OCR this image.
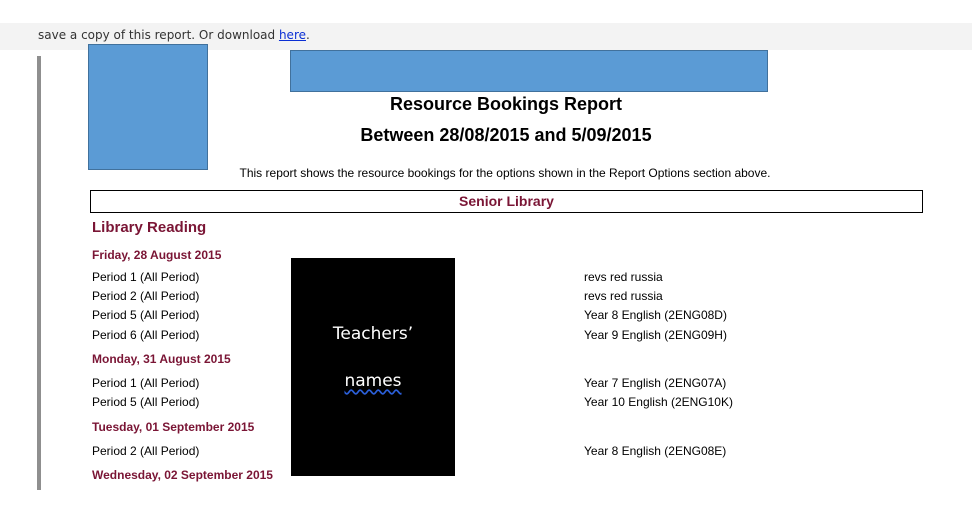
save a copy of this report. Or download here.
Resource Bookings Report
Between 28/08/2015 and 5/09/2015
This report shows the resource bookings for the options shown in the Report Options section above.
Senior Library
Library Reading
Friday, 28 August 2015
Period 1 (All Period)	revs red russia
Period 2 (All Period)	revs red russia
Period 5 (All Period)	Year 8 English (2ENG08D)
Period 6 (All Period)	Year 9 English (2ENG09H)
Monday, 31 August 2015
Period 1 (All Period)	Year 7 English (2ENG07A)
Period 5 (All Period)	Year 10 English (2ENG10K)
Tuesday, 01 September 2015
Period 2 (All Period)	Year 8 English (2ENG08E)
Wednesday, 02 September 2015
Teachers’
names
